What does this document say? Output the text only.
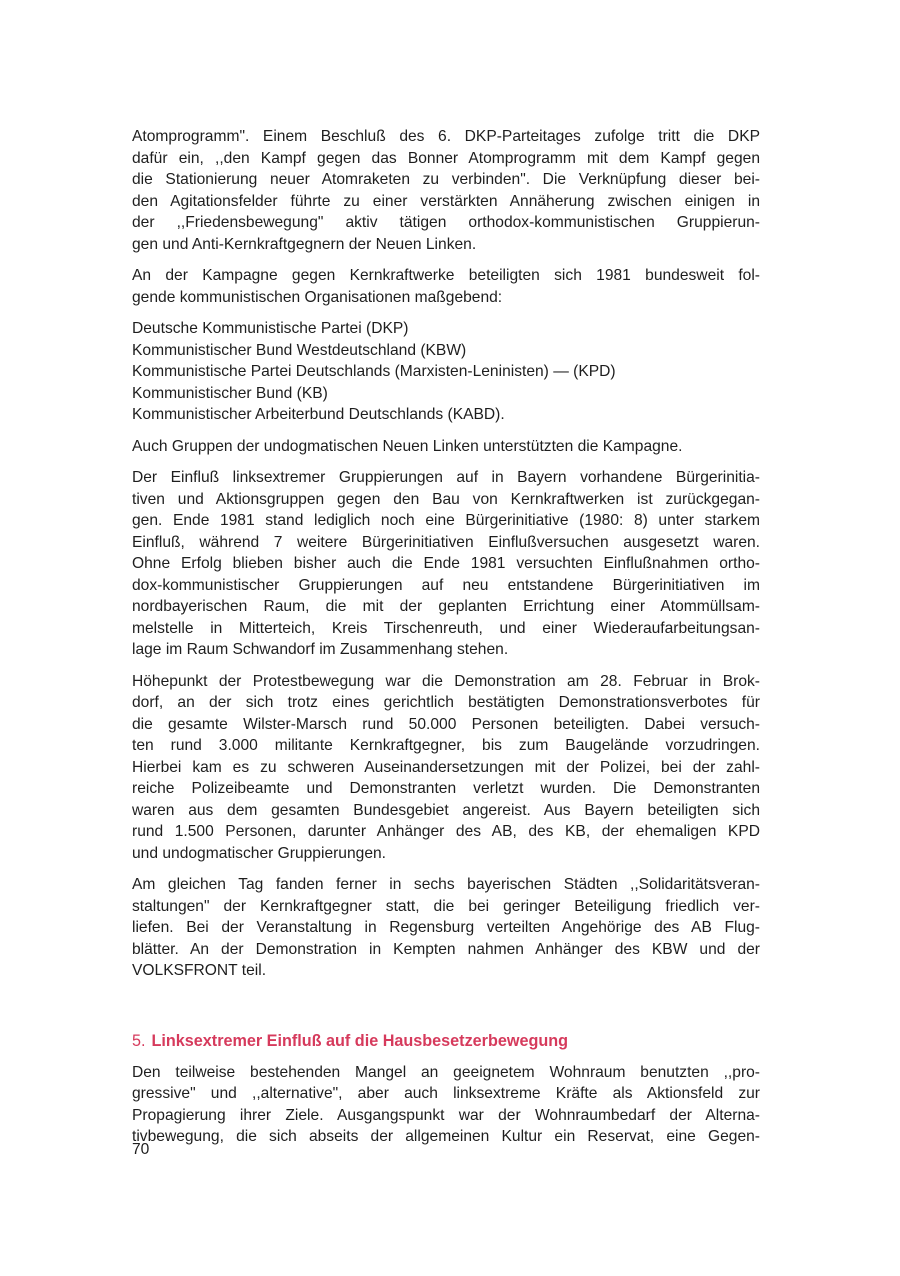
Atomprogramm". Einem Beschluß des 6. DKP-Parteitages zufolge tritt die DKP
dafür ein, ,,den Kampf gegen das Bonner Atomprogramm mit dem Kampf gegen
die Stationierung neuer Atomraketen zu verbinden". Die Verknüpfung dieser bei-
den Agitationsfelder führte zu einer verstärkten Annäherung zwischen einigen in
der ,,Friedensbewegung" aktiv tätigen orthodox-kommunistischen Gruppierun-
gen und Anti-Kernkraftgegnern der Neuen Linken.
An der Kampagne gegen Kernkraftwerke beteiligten sich 1981 bundesweit fol-
gende kommunistischen Organisationen maßgebend:
Deutsche Kommunistische Partei (DKP)
Kommunistischer Bund Westdeutschland (KBW)
Kommunistische Partei Deutschlands (Marxisten-Leninisten) — (KPD)
Kommunistischer Bund (KB)
Kommunistischer Arbeiterbund Deutschlands (KABD).
Auch Gruppen der undogmatischen Neuen Linken unterstützten die Kampagne.
Der Einfluß linksextremer Gruppierungen auf in Bayern vorhandene Bürgerinitia-
tiven und Aktionsgruppen gegen den Bau von Kernkraftwerken ist zurückgegan-
gen. Ende 1981 stand lediglich noch eine Bürgerinitiative (1980: 8) unter starkem
Einfluß, während 7 weitere Bürgerinitiativen Einflußversuchen ausgesetzt waren.
Ohne Erfolg blieben bisher auch die Ende 1981 versuchten Einflußnahmen ortho-
dox-kommunistischer Gruppierungen auf neu entstandene Bürgerinitiativen im
nordbayerischen Raum, die mit der geplanten Errichtung einer Atommüllsam-
melstelle in Mitterteich, Kreis Tirschenreuth, und einer Wiederaufarbeitungsan-
lage im Raum Schwandorf im Zusammenhang stehen.
Höhepunkt der Protestbewegung war die Demonstration am 28. Februar in Brok-
dorf, an der sich trotz eines gerichtlich bestätigten Demonstrationsverbotes für
die gesamte Wilster-Marsch rund 50.000 Personen beteiligten. Dabei versuch-
ten rund 3.000 militante Kernkraftgegner, bis zum Baugelände vorzudringen.
Hierbei kam es zu schweren Auseinandersetzungen mit der Polizei, bei der zahl-
reiche Polizeibeamte und Demonstranten verletzt wurden. Die Demonstranten
waren aus dem gesamten Bundesgebiet angereist. Aus Bayern beteiligten sich
rund 1.500 Personen, darunter Anhänger des AB, des KB, der ehemaligen KPD
und undogmatischer Gruppierungen.
Am gleichen Tag fanden ferner in sechs bayerischen Städten ,,Solidaritätsveran-
staltungen" der Kernkraftgegner statt, die bei geringer Beteiligung friedlich ver-
liefen. Bei der Veranstaltung in Regensburg verteilten Angehörige des AB Flug-
blätter. An der Demonstration in Kempten nahmen Anhänger des KBW und der
VOLKSFRONT teil.
5. Linksextremer Einfluß auf die Hausbesetzerbewegung
Den teilweise bestehenden Mangel an geeignetem Wohnraum benutzten ,,pro-
gressive" und ,,alternative", aber auch linksextreme Kräfte als Aktionsfeld zur
Propagierung ihrer Ziele. Ausgangspunkt war der Wohnraumbedarf der Alterna-
tivbewegung, die sich abseits der allgemeinen Kultur ein Reservat, eine Gegen-
70
